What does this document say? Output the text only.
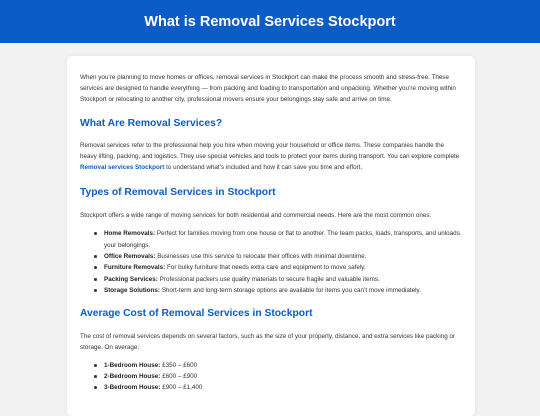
What is Removal Services Stockport

When you’re planning to move homes or offices, removal services in Stockport can make the process smooth and stress-free. These services are designed to handle everything — from packing and loading to transportation and unpacking. Whether you’re moving within Stockport or relocating to another city, professional movers ensure your belongings stay safe and arrive on time.

What Are Removal Services?

Removal services refer to the professional help you hire when moving your household or office items. These companies handle the heavy lifting, packing, and logistics. They use special vehicles and tools to protect your items during transport. You can explore complete Removal services Stockport to understand what’s included and how it can save you time and effort.

Types of Removal Services in Stockport

Stockport offers a wide range of moving services for both residential and commercial needs. Here are the most common ones:

Home Removals: Perfect for families moving from one house or flat to another. The team packs, loads, transports, and unloads your belongings.
Office Removals: Businesses use this service to relocate their offices with minimal downtime.
Furniture Removals: For bulky furniture that needs extra care and equipment to move safely.
Packing Services: Professional packers use quality materials to secure fragile and valuable items.
Storage Solutions: Short-term and long-term storage options are available for items you can’t move immediately.
Average Cost of Removal Services in Stockport

The cost of removal services depends on several factors, such as the size of your property, distance, and extra services like packing or storage. On average:

1-Bedroom House: £350 – £600
2-Bedroom House: £600 – £900
3-Bedroom House: £900 – £1,400
